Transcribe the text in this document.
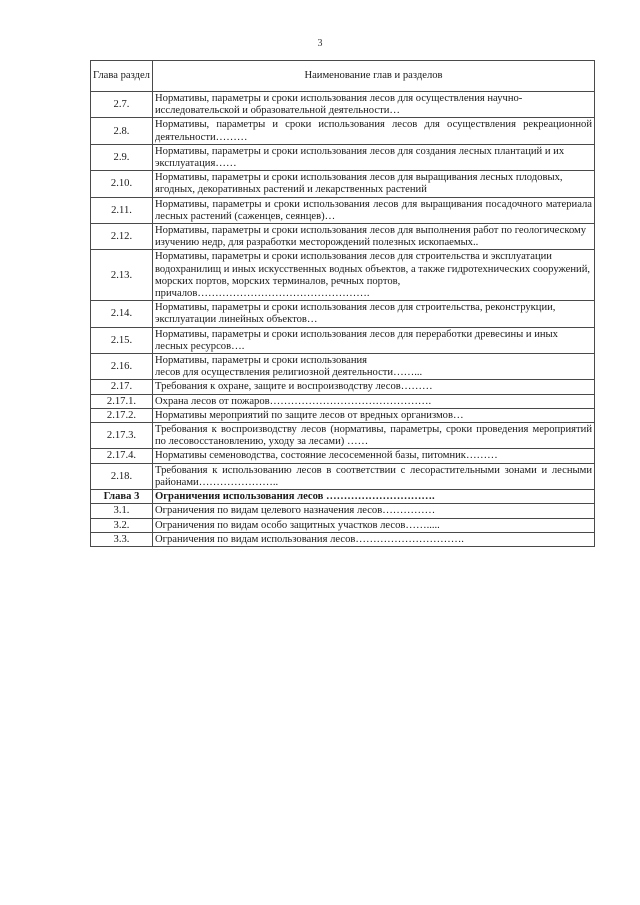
3
Глава раздел	Наименование глав и разделов
2.7.	Нормативы, параметры и сроки использования лесов для осуществления научно-исследовательской и образовательной деятельности…
2.8.	Нормативы, параметры и сроки использования лесов для осуществления рекреационной деятельности………
2.9.	Нормативы, параметры и сроки использования лесов для создания лесных плантаций и их эксплуатация……
2.10.	Нормативы, параметры и сроки использования лесов для выращивания лесных плодовых, ягодных, декоративных растений и лекарственных растений
2.11.	Нормативы, параметры и сроки использования лесов для выращивания посадочного материала лесных растений (саженцев, сеянцев)…
2.12.	Нормативы, параметры и сроки использования лесов для выполнения работ по геологическому изучению недр, для разработки месторождений полезных ископаемых..
2.13.	Нормативы, параметры и сроки использования лесов для строительства и эксплуатации водохранилищ и иных искусственных водных объектов, а также гидротехнических сооружений, морских портов, морских терминалов, речных портов, причалов………………………………………….
2.14.	Нормативы, параметры и сроки использования лесов для строительства, реконструкции, эксплуатации линейных объектов…
2.15.	Нормативы, параметры и сроки использования лесов для переработки древесины и иных лесных ресурсов….
2.16.	Нормативы, параметры и сроки использования
лесов для осуществления религиозной деятельности……...
2.17.	Требования к охране, защите и воспроизводству лесов………
2.17.1.	Охрана лесов от пожаров……………………………………….
2.17.2.	Нормативы мероприятий по защите лесов от вредных организмов…
2.17.3.	Требования к воспроизводству лесов (нормативы, параметры, сроки проведения мероприятий по лесовосстановлению, уходу за лесами) ……
2.17.4.	Нормативы семеноводства, состояние лесосеменной базы, питомник………
2.18.	Требования к использованию лесов в соответствии с лесорастительными зонами и лесными районами…………………..
Глава 3	Ограничения использования лесов ………………………….
3.1.	Ограничения по видам целевого назначения лесов……………
3.2.	Ограничения по видам особо защитных участков лесов…….....
3.3.	Ограничения по видам использования лесов………………………….
